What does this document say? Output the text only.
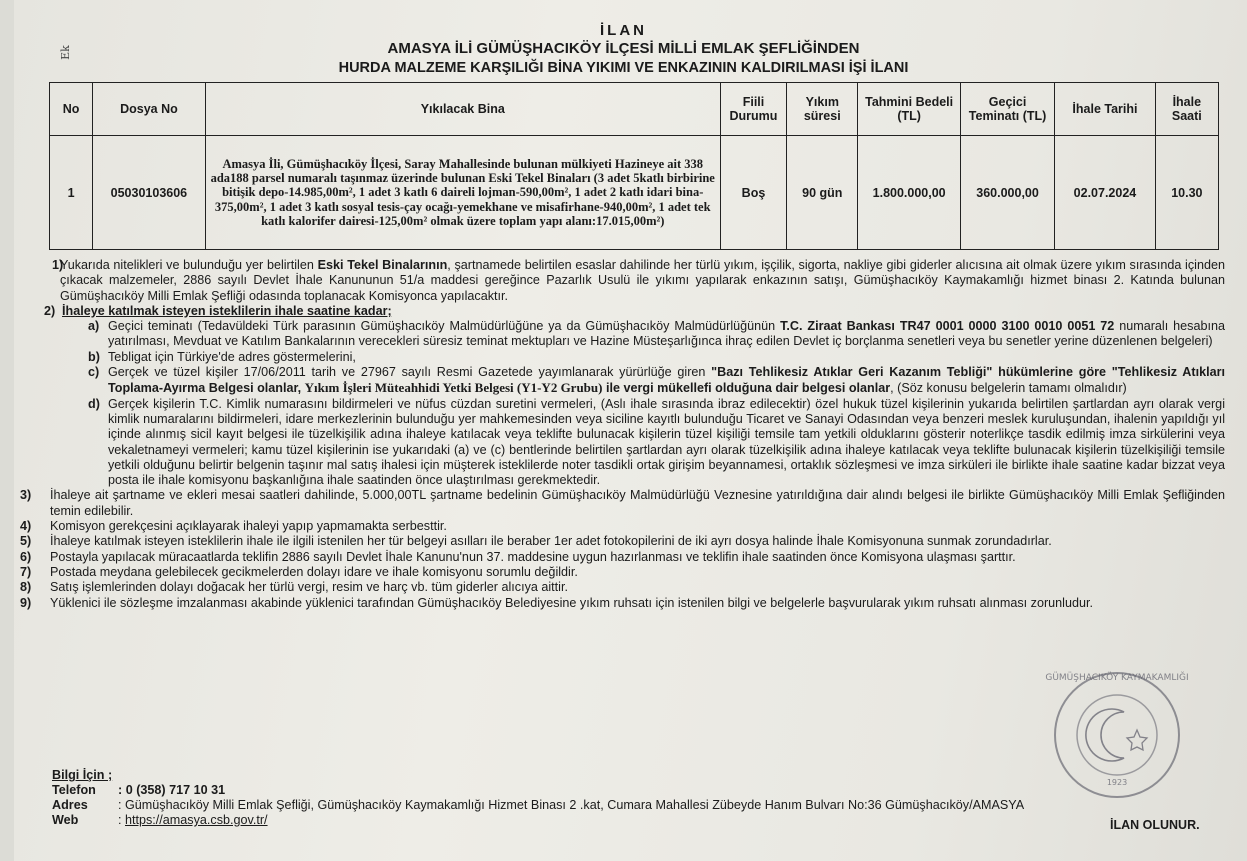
Ek
İLAN
AMASYA İLİ GÜMÜŞHACIKÖY İLÇESİ MİLLİ EMLAK ŞEFLİĞİNDEN
HURDA MALZEME KARŞILIĞI BİNA YIKIMI VE ENKAZININ KALDIRILMASI İŞİ İLANI
No	Dosya No	Yıkılacak Bina	Fiili Durumu	Yıkım süresi	Tahmini Bedeli (TL)	Geçici Teminatı (TL)	İhale Tarihi	İhale Saati
1	05030103606	Amasya İli, Gümüşhacıköy İlçesi, Saray Mahallesinde bulunan mülkiyeti Hazineye ait 338 ada188 parsel numaralı taşınmaz üzerinde bulunan Eski Tekel Binaları (3 adet 5katlı birbirine bitişik depo-14.985,00m², 1 adet 3 katlı 6 daireli lojman-590,00m², 1 adet 2 katlı idari bina-375,00m², 1 adet 3 katlı sosyal tesis-çay ocağı-yemekhane ve misafirhane-940,00m², 1 adet tek katlı kalorifer dairesi-125,00m² olmak üzere toplam yapı alanı:17.015,00m²)	Boş	90 gün	1.800.000,00	360.000,00	02.07.2024	10.30

1)
Yukarıda nitelikleri ve bulunduğu yer belirtilen Eski Tekel Binalarının, şartnamede belirtilen esaslar dahilinde her türlü yıkım, işçilik, sigorta, nakliye gibi giderler alıcısına ait olmak üzere yıkım sırasında içinden çıkacak malzemeler, 2886 sayılı Devlet İhale Kanununun 51/a maddesi gereğince Pazarlık Usulü ile yıkımı yapılarak enkazının satışı, Gümüşhacıköy Kaymakamlığı hizmet binası 2. Katında bulunan Gümüşhacıköy Milli Emlak Şefliği odasında toplanacak Komisyonca yapılacaktır.

2) İhaleye katılmak isteyen isteklilerin ihale saatine kadar;

a) Geçici teminatı (Tedavüldeki Türk parasının Gümüşhacıköy Malmüdürlüğüne ya da Gümüşhacıköy Malmüdürlüğünün T.C. Ziraat Bankası TR47 0001 0000 3100 0010 0051 72 numaralı hesabına yatırılması, Mevduat ve Katılım Bankalarının verecekleri süresiz teminat mektupları ve Hazine Müsteşarlığınca ihraç edilen Devlet iç borçlanma senetleri veya bu senetler yerine düzenlenen belgeleri)

b) Tebligat için Türkiye'de adres göstermelerini,

c) Gerçek ve tüzel kişiler 17/06/2011 tarih ve 27967 sayılı Resmi Gazetede yayımlanarak yürürlüğe giren "Bazı Tehlikesiz Atıklar Geri Kazanım Tebliği" hükümlerine göre "Tehlikesiz Atıkları Toplama-Ayırma Belgesi olanlar, Yıkım İşleri Müteahhidi Yetki Belgesi (Y1-Y2 Grubu) ile vergi mükellefi olduğuna dair belgesi olanlar, (Söz konusu belgelerin tamamı olmalıdır)

d) Gerçek kişilerin T.C. Kimlik numarasını bildirmeleri ve nüfus cüzdan suretini vermeleri, (Aslı ihale sırasında ibraz edilecektir) özel hukuk tüzel kişilerinin yukarıda belirtilen şartlardan ayrı olarak vergi kimlik numaralarını bildirmeleri, idare merkezlerinin bulunduğu yer mahkemesinden veya siciline kayıtlı bulunduğu Ticaret ve Sanayi Odasından veya benzeri meslek kuruluşundan, ihalenin yapıldığı yıl içinde alınmış sicil kayıt belgesi ile tüzelkişilik adına ihaleye katılacak veya teklifte bulunacak kişilerin tüzel kişiliği temsile tam yetkili olduklarını gösterir noterlikçe tasdik edilmiş imza sirkülerini veya vekaletnameyi vermeleri; kamu tüzel kişilerinin ise yukarıdaki (a) ve (c) bentlerinde belirtilen şartlardan ayrı olarak tüzelkişilik adına ihaleye katılacak veya teklifte bulunacak kişilerin tüzelkişiliği temsile yetkili olduğunu belirtir belgenin taşınır mal satış ihalesi için müşterek isteklilerde noter tasdikli ortak girişim beyannamesi, ortaklık sözleşmesi ve imza sirküleri ile birlikte ihale saatine kadar bizzat veya posta ile ihale komisyonu başkanlığına ihale saatinden önce ulaştırılması gerekmektedir.

3) İhaleye ait şartname ve ekleri mesai saatleri dahilinde, 5.000,00TL şartname bedelinin Gümüşhacıköy Malmüdürlüğü Veznesine yatırıldığına dair alındı belgesi ile birlikte Gümüşhacıköy Milli Emlak Şefliğinden temin edilebilir.

4) Komisyon gerekçesini açıklayarak ihaleyi yapıp yapmamakta serbesttir.

5) İhaleye katılmak isteyen isteklilerin ihale ile ilgili istenilen her tür belgeyi asılları ile beraber 1er adet fotokopilerini de iki ayrı dosya halinde İhale Komisyonuna sunmak zorundadırlar.

6) Postayla yapılacak müracaatlarda teklifin 2886 sayılı Devlet İhale Kanunu'nun 37. maddesine uygun hazırlanması ve teklifin ihale saatinden önce Komisyona ulaşması şarttır.

7) Postada meydana gelebilecek gecikmelerden dolayı idare ve ihale komisyonu sorumlu değildir.

8) Satış işlemlerinden dolayı doğacak her türlü vergi, resim ve harç vb. tüm giderler alıcıya aittir.

9) Yüklenici ile sözleşme imzalanması akabinde yüklenici tarafından Gümüşhacıköy Belediyesine yıkım ruhsatı için istenilen bilgi ve belgelerle başvurularak yıkım ruhsatı alınması zorunludur.

Bilgi İçin ;
Telefon : 0 (358) 717 10 31
Adres : Gümüşhacıköy Milli Emlak Şefliği, Gümüşhacıköy Kaymakamlığı Hizmet Binası 2 .kat, Cumara Mahallesi Zübeyde Hanım Bulvarı No:36 Gümüşhacıköy/AMASYA
Web	: https://amasya.csb.gov.tr/	İLAN OLUNUR.
GÜMÜŞHACIKÖY KAYMAKAMLIĞI
1923
